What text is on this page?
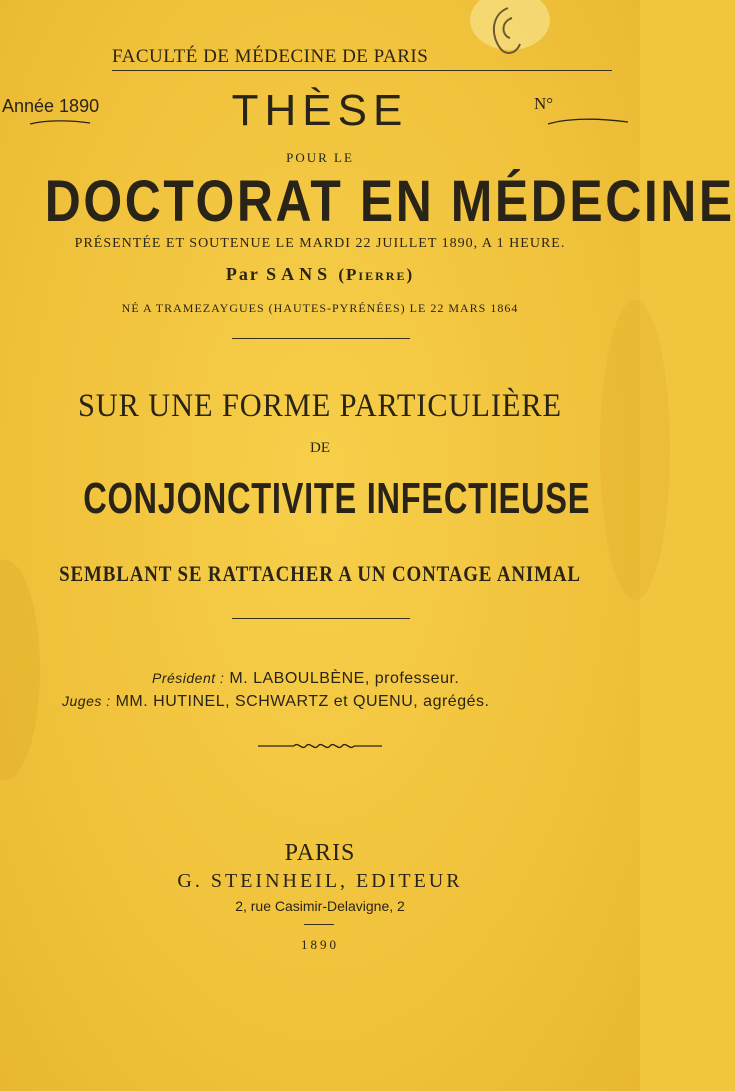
FACULTÉ DE MÉDECINE DE PARIS
Année 1890	THÈSE	N°
POUR LE
DOCTORAT EN MÉDECINE
PRÉSENTÉE ET SOUTENUE LE MARDI 22 JUILLET 1890, A 1 HEURE.
Par SANS (Pierre)
NÉ A TRAMEZAYGUES (HAUTES-PYRÉNÉES) LE 22 MARS 1864
SUR UNE FORME PARTICULIÈRE
DE
CONJONCTIVITE INFECTIEUSE
SEMBLANT SE RATTACHER A UN CONTAGE ANIMAL
Président : M. LABOULBÈNE, professeur.
Juges : MM. HUTINEL, SCHWARTZ et QUENU, agrégés.
PARIS
G. STEINHEIL, EDITEUR
2, rue Casimir-Delavigne, 2
1890
